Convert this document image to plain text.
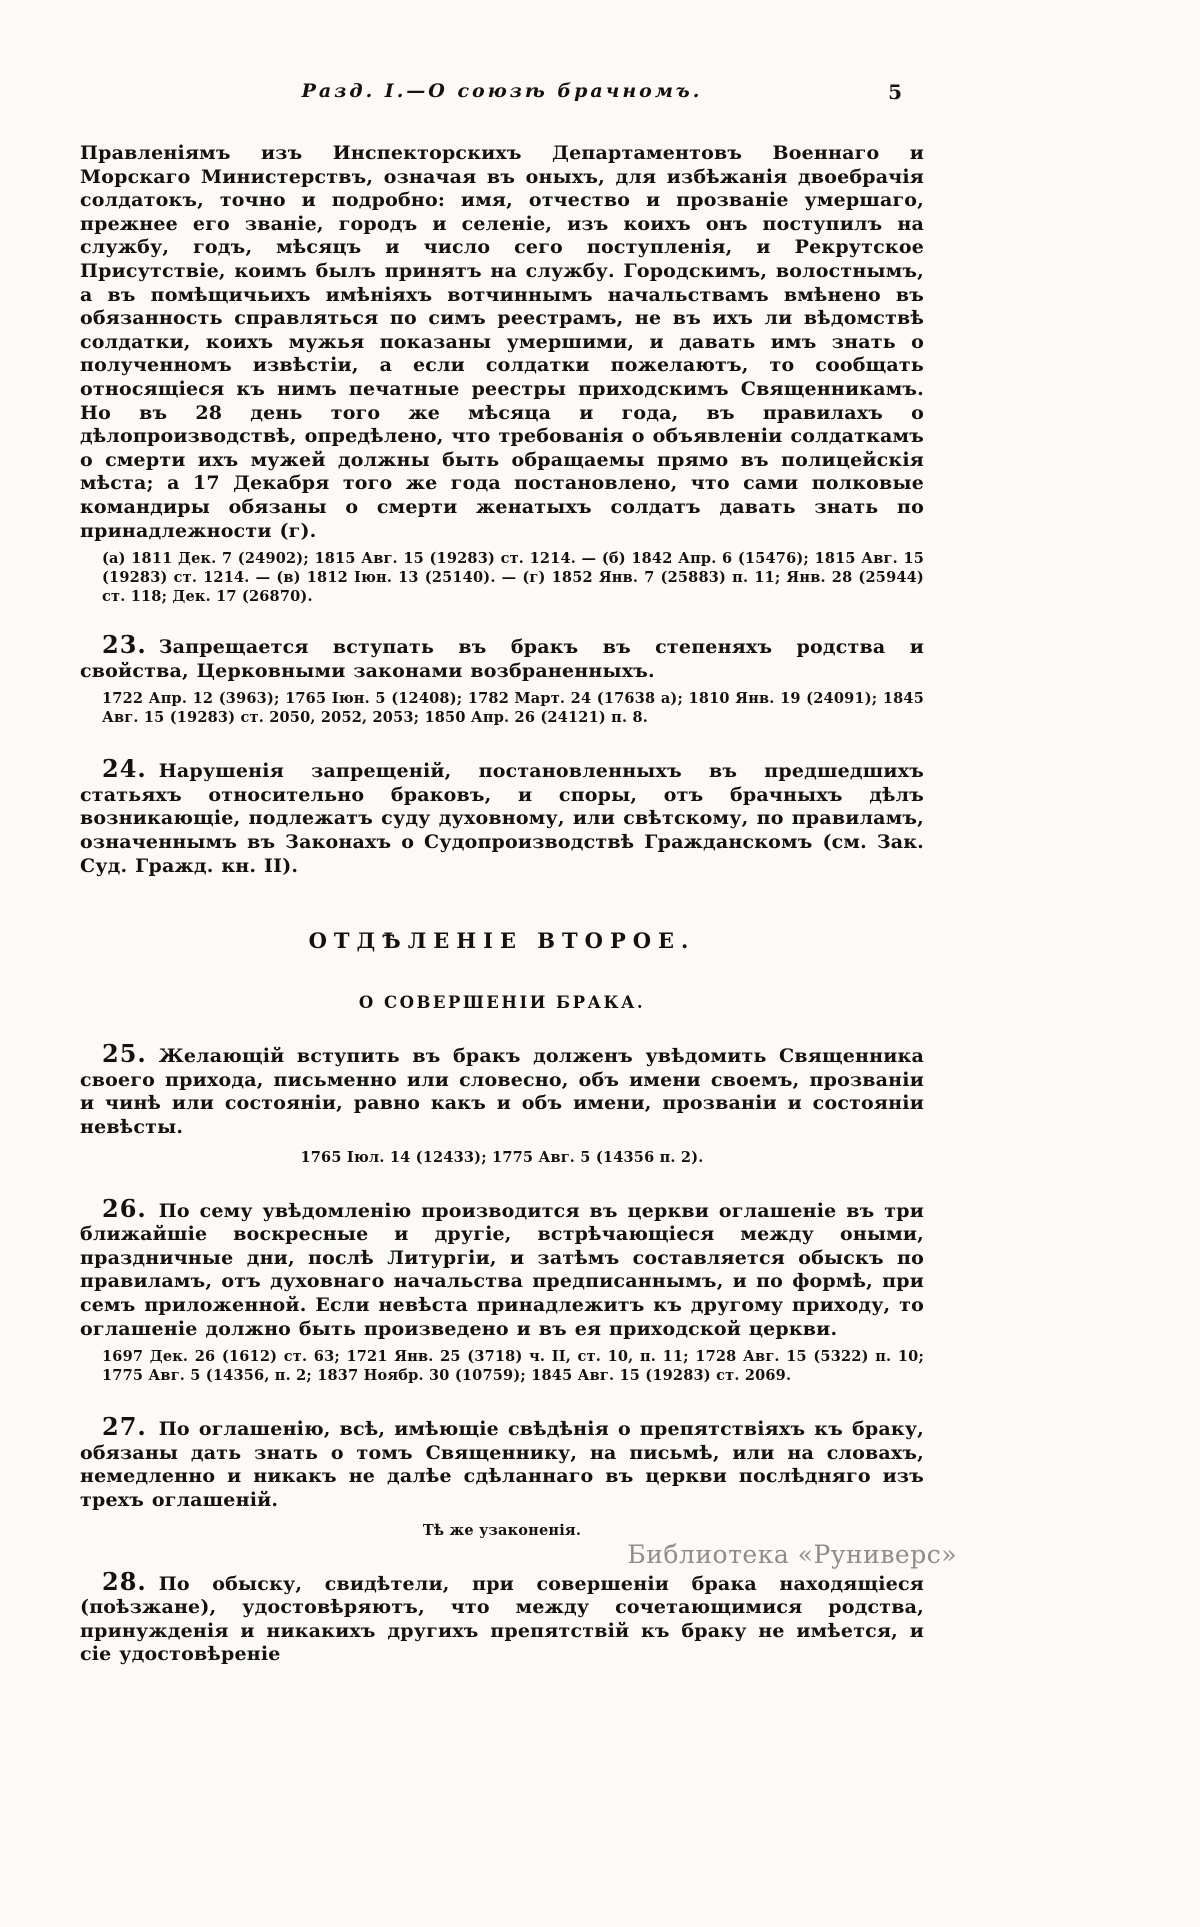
Разд. I.—О союзѣ брачномъ.	5

Правленіямъ изъ Инспекторскихъ Департаментовъ Военнаго и Морскаго Министерствъ, означая въ оныхъ, для избѣжанія двоебрачія солдатокъ, точно и подробно: имя, отчество и прозваніе умершаго, прежнее его званіе, городъ и селеніе, изъ коихъ онъ поступилъ на службу, годъ, мѣсяцъ и число сего поступленія, и Рекрутское Присутствіе, коимъ былъ принятъ на службу. Городскимъ, волостнымъ, а въ помѣщичьихъ имѣніяхъ вотчиннымъ начальствамъ вмѣнено въ обязанность справляться по симъ реестрамъ, не въ ихъ ли вѣдомствѣ солдатки, коихъ мужья показаны умершими, и давать имъ знать о полученномъ извѣстіи, а если солдатки пожелаютъ, то сообщать относящіеся къ нимъ печатные реестры приходскимъ Священникамъ. Но въ 28 день того же мѣсяца и года, въ правилахъ о дѣлопроизводствѣ, опредѣлено, что требованія о объявленіи солдаткамъ о смерти ихъ мужей должны быть обращаемы прямо въ полицейскія мѣста; а 17 Декабря того же года постановлено, что сами полковые командиры обязаны о смерти женатыхъ солдатъ давать знать по принадлежности (г).

(а) 1811 Дек. 7 (24902); 1815 Авг. 15 (19283) ст. 1214. — (б) 1842 Апр. 6 (15476); 1815 Авг. 15 (19283) ст. 1214. — (в) 1812 Іюн. 13 (25140). — (г) 1852 Янв. 7 (25883) п. 11; Янв. 28 (25944) ст. 118; Дек. 17 (26870).

23. Запрещается вступать въ бракъ въ степеняхъ родства и свойства, Церковными законами возбраненныхъ.

1722 Апр. 12 (3963); 1765 Іюн. 5 (12408); 1782 Март. 24 (17638 а); 1810 Янв. 19 (24091); 1845 Авг. 15 (19283) ст. 2050, 2052, 2053; 1850 Апр. 26 (24121) п. 8.

24. Нарушенія запрещеній, постановленныхъ въ предшедшихъ статьяхъ относительно браковъ, и споры, отъ брачныхъ дѣлъ возникающіе, подлежатъ суду духовному, или свѣтскому, по правиламъ, означеннымъ въ Законахъ о Судопроизводствѣ Гражданскомъ (см. Зак. Суд. Гражд. кн. II).

ОТДѢЛЕНІЕ ВТОРОЕ.
О СОВЕРШЕНІИ БРАКА.

25. Желающій вступить въ бракъ долженъ увѣдомить Священника своего прихода, письменно или словесно, объ имени своемъ, прозваніи и чинѣ или состояніи, равно какъ и объ имени, прозваніи и состояніи невѣсты.

1765 Іюл. 14 (12433); 1775 Авг. 5 (14356 п. 2).

26. По сему увѣдомленію производится въ церкви оглашеніе въ три ближайшіе воскресные и другіе, встрѣчающіеся между оными, праздничные дни, послѣ Литургіи, и затѣмъ составляется обыскъ по правиламъ, отъ духовнаго начальства предписаннымъ, и по формѣ, при семъ приложенной. Если невѣста принадлежитъ къ другому приходу, то оглашеніе должно быть произведено и въ ея приходской церкви.

1697 Дек. 26 (1612) ст. 63; 1721 Янв. 25 (3718) ч. II, ст. 10, п. 11; 1728 Авг. 15 (5322) п. 10; 1775 Авг. 5 (14356, п. 2; 1837 Ноябр. 30 (10759); 1845 Авг. 15 (19283) ст. 2069.

27. По оглашенію, всѣ, имѣющіе свѣдѣнія о препятствіяхъ къ браку, обязаны дать знать о томъ Священнику, на письмѣ, или на словахъ, немедленно и никакъ не далѣе сдѣланнаго въ церкви послѣдняго изъ трехъ оглашеній.

Тѣ же узаконенія.

28. По обыску, свидѣтели, при совершеніи брака находящіеся (поѣзжане), удостовѣряютъ, что между сочетающимися родства, принужденія и никакихъ другихъ препятствій къ браку не имѣется, и сіе удостовѣреніе

Библиотека «Руниверс»
